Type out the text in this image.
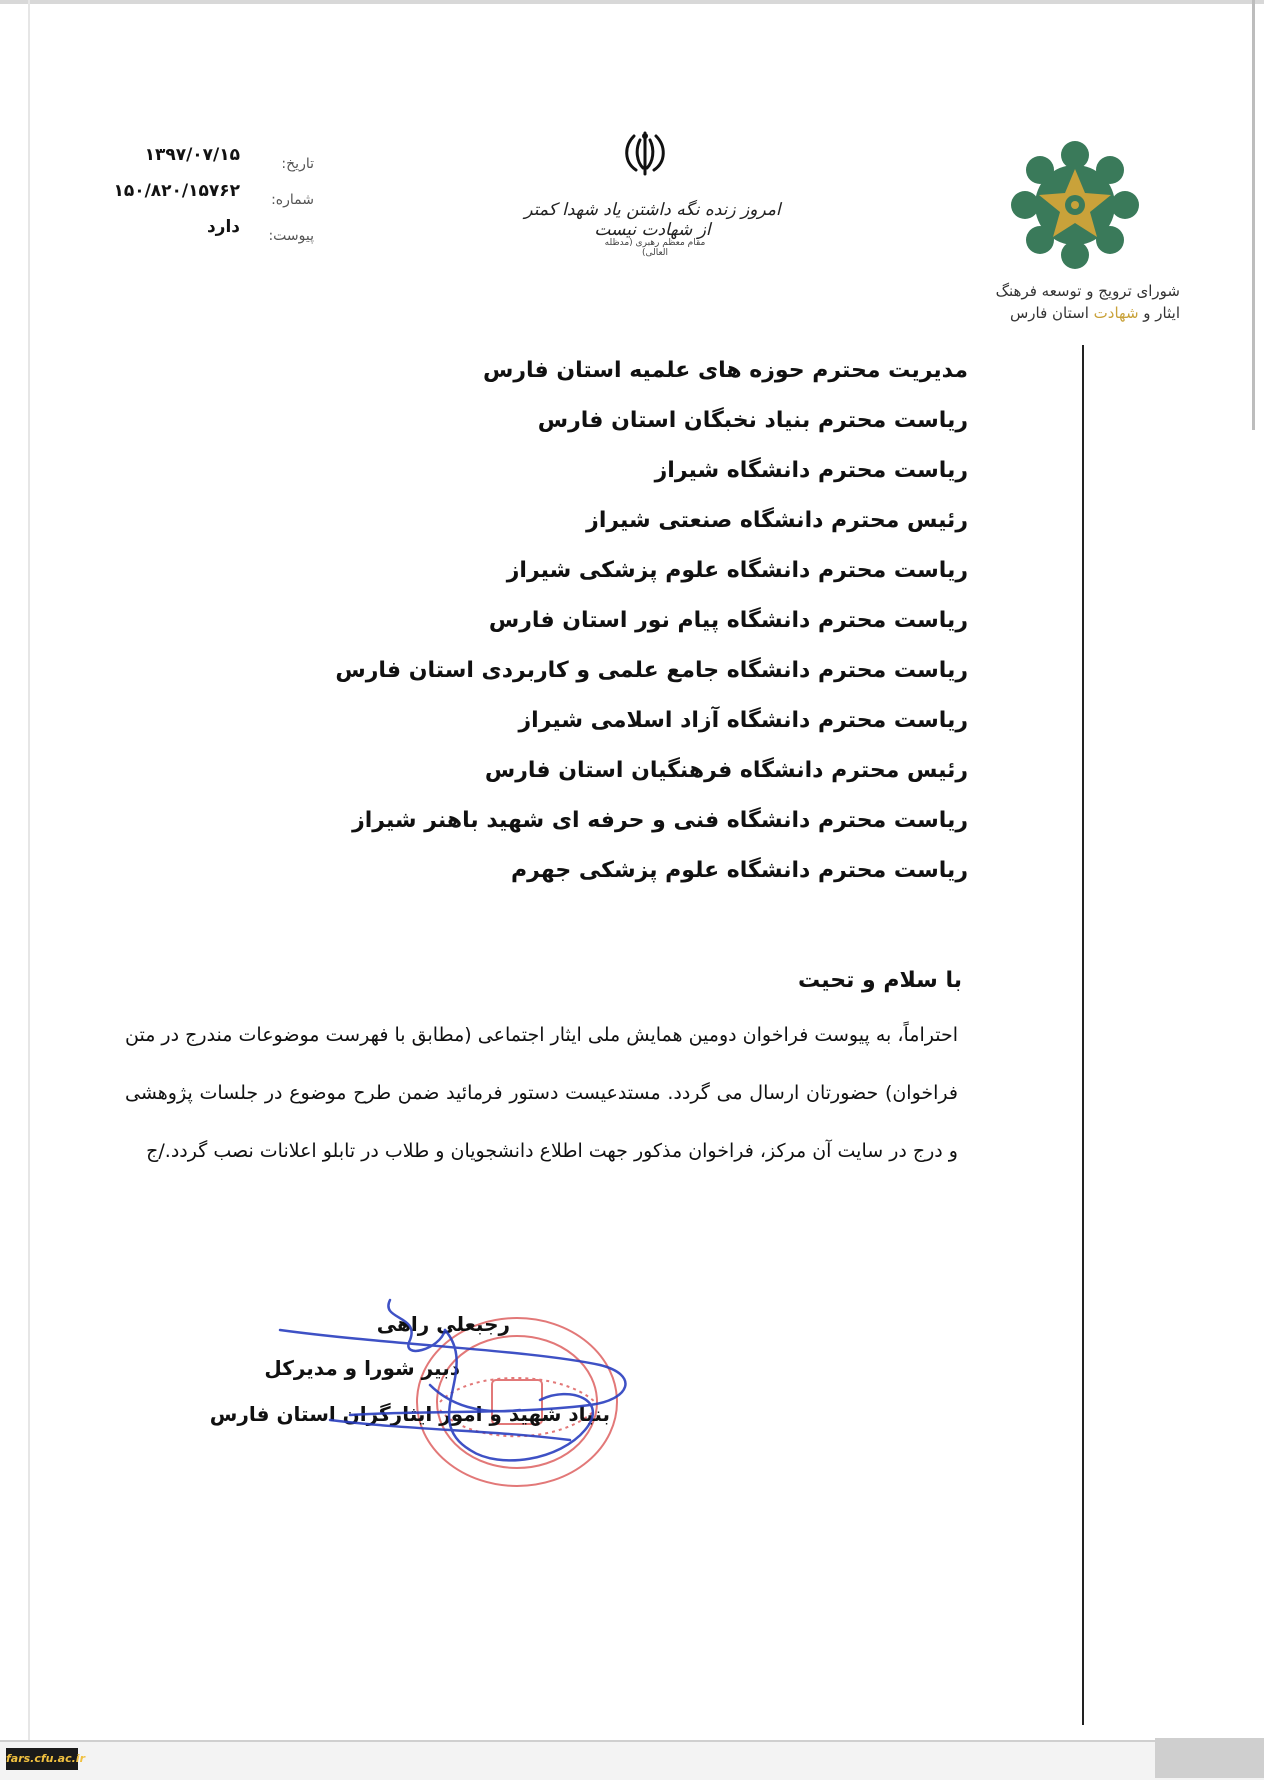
شورای ترویج و توسعه فرهنگ
ایثار و شهادت استان فارس
امروز زنده نگه داشتن یاد شهدا کمتر از شهادت نیست
مقام معظم رهبری (مدظله العالی)
تاریخ:
شماره:
پیوست:
۱۳۹۷/۰۷/۱۵
۱۵۰/۸۲۰/۱۵۷۶۲
دارد
مدیریت محترم حوزه های علمیه استان فارس
ریاست محترم بنیاد نخبگان استان فارس
ریاست محترم دانشگاه شیراز
رئیس محترم دانشگاه صنعتی شیراز
ریاست محترم دانشگاه علوم پزشکی شیراز
ریاست محترم دانشگاه پیام نور استان فارس
ریاست محترم دانشگاه جامع علمی و کاربردی استان فارس
ریاست محترم دانشگاه آزاد اسلامی شیراز
رئیس محترم دانشگاه فرهنگیان استان فارس
ریاست محترم دانشگاه فنی و حرفه ای شهید باهنر شیراز
ریاست محترم دانشگاه علوم پزشکی جهرم
با سلام و تحیت
احتراماً، به پیوست فراخوان دومین همایش ملی ایثار اجتماعی (مطابق با فهرست موضوعات مندرج در متن فراخوان) حضورتان ارسال می گردد. مستدعیست دستور فرمائید ضمن طرح موضوع در جلسات پژوهشی و درج در سایت آن مرکز، فراخوان مذکور جهت اطلاع دانشجویان و طلاب در تابلو اعلانات نصب گردد./ج
رجبعلی راهی
دبیر شورا و مدیرکل
بنیاد شهید و امور ایثارگران استان فارس
fars.cfu.ac.ir
